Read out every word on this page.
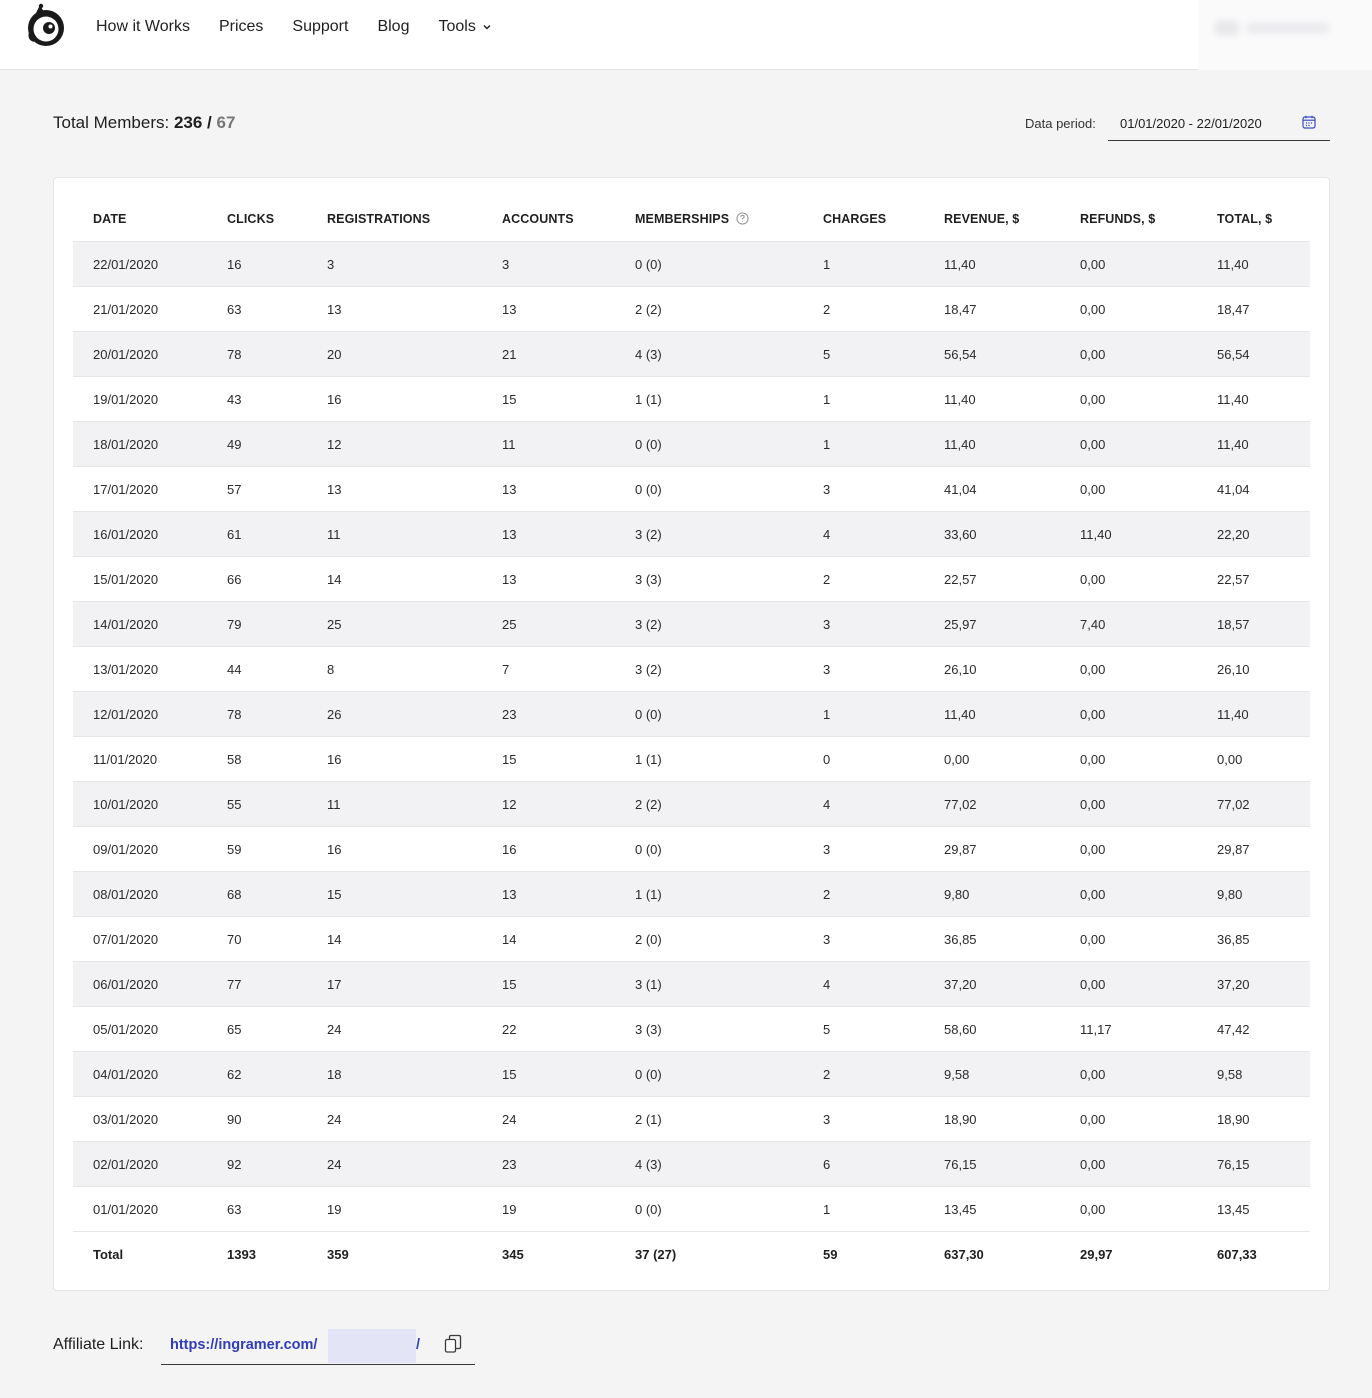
How it Works Prices Support Blog Tools
Total Members: 236 / 67	Data period: 01/01/2020 - 22/01/2020
DATE	CLICKS	REGISTRATIONS	ACCOUNTS	MEMBERSHIPS	CHARGES	REVENUE, $	REFUNDS, $	TOTAL, $
22/01/2020	16	3	3	0 (0)	1	11,40	0,00	11,40
21/01/2020	63	13	13	2 (2)	2	18,47	0,00	18,47
20/01/2020	78	20	21	4 (3)	5	56,54	0,00	56,54
19/01/2020	43	16	15	1 (1)	1	11,40	0,00	11,40
18/01/2020	49	12	11	0 (0)	1	11,40	0,00	11,40
17/01/2020	57	13	13	0 (0)	3	41,04	0,00	41,04
16/01/2020	61	11	13	3 (2)	4	33,60	11,40	22,20
15/01/2020	66	14	13	3 (3)	2	22,57	0,00	22,57
14/01/2020	79	25	25	3 (2)	3	25,97	7,40	18,57
13/01/2020	44	8	7	3 (2)	3	26,10	0,00	26,10
12/01/2020	78	26	23	0 (0)	1	11,40	0,00	11,40
11/01/2020	58	16	15	1 (1)	0	0,00	0,00	0,00
10/01/2020	55	11	12	2 (2)	4	77,02	0,00	77,02
09/01/2020	59	16	16	0 (0)	3	29,87	0,00	29,87
08/01/2020	68	15	13	1 (1)	2	9,80	0,00	9,80
07/01/2020	70	14	14	2 (0)	3	36,85	0,00	36,85
06/01/2020	77	17	15	3 (1)	4	37,20	0,00	37,20
05/01/2020	65	24	22	3 (3)	5	58,60	11,17	47,42
04/01/2020	62	18	15	0 (0)	2	9,58	0,00	9,58
03/01/2020	90	24	24	2 (1)	3	18,90	0,00	18,90
02/01/2020	92	24	23	4 (3)	6	76,15	0,00	76,15
01/01/2020	63	19	19	0 (0)	1	13,45	0,00	13,45
Total	1393	359	345	37 (27)	59	637,30	29,97	607,33
Affiliate Link: https://ingramer.com/	/
